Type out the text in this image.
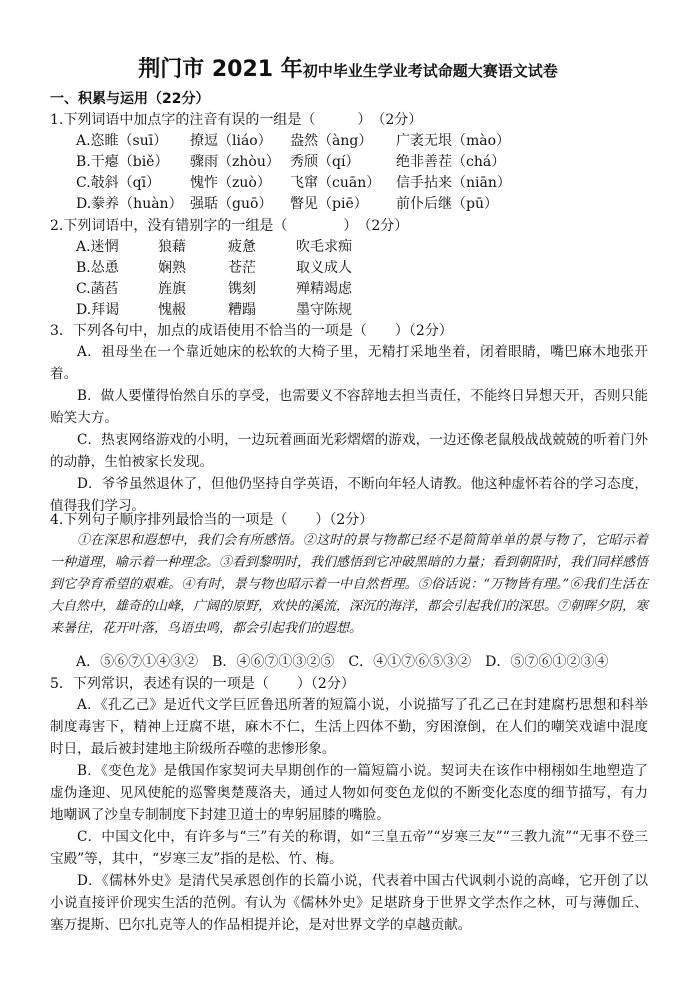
荆门市 2021 年初中毕业生学业考试命题大赛语文试卷
一、积累与运用（22分）
1.下列词语中加点字的注音有误的一组是（　　　）　（2分）
A.恣睢（suī） 撩逗（liáo） 盎然（àng） 广袤无垠（mào）
B.干瘪（biě） 骤雨（zhòu） 秀颀（qí）	绝非善茬（chá）
C.攲斜（qī） 愧怍（zuò） 飞窜（cuān） 信手拈来（niān）
D.豢养（huàn） 强聒（guō） 瞥见（piē） 前仆后继（pū）
2.下列词语中，没有错别字的一组是（　　　　）　（2分）
A.迷惘	狼藉	疲惫	吹毛求痴
B.怂恿	娴熟	苍茫	取义成人
C.菡萏	旌旗	镌刻	殚精竭虑
D.拜谒	愧赧	糟蹋	墨守陈规
3．下列各句中，加点的成语使用不恰当的一项是（　　）（2分）

A．祖母坐在一个靠近她床的松软的大椅子里，无精打采地坐着，闭着眼睛，嘴巴麻木地张开着。

B．做人要懂得怡然自乐的享受，也需要义不容辞地去担当责任，不能终日异想天开，否则只能贻笑大方。

C．热衷网络游戏的小明，一边玩着画面光彩熠熠的游戏，一边还像老鼠般战战兢兢的听着门外的动静，生怕被家长发现。

D．爷爷虽然退休了，但他仍坚持自学英语，不断向年轻人请教。他这种虚怀若谷的学习态度，值得我们学习。

4.下列句子顺序排列最恰当的一项是（　　）（2分）

①在深思和遐想中，我们会有所感悟。②这时的景与物都已经不是简简单单的景与物了，它昭示着一种道理，喻示着一种理念。③看到黎明时，我们感悟到它冲破黑暗的力量；看到朝阳时，我们同样感悟到它孕育希望的艰难。④有时，景与物也昭示着一中自然哲理。⑤俗话说：“万物皆有理。”⑥我们生活在大自然中，雄奇的山峰，广阔的原野，欢快的溪流，深沉的海洋，都会引起我们的深思。⑦朝晖夕阴，寒来暑往，花开叶落，鸟语虫鸣，都会引起我们的遐想。

A．⑤⑥⑦①④③②　B．④⑥⑦①③②⑤　C．④①⑦⑥⑤③②　D．⑤⑦⑥①②③④
5．下列常识，表述有误的一项是（　　）（2分）

A．《孔乙己》是近代文学巨匠鲁迅所著的短篇小说，小说描写了孔乙己在封建腐朽思想和科举制度毒害下，精神上迂腐不堪，麻木不仁，生活上四体不勤，穷困潦倒，在人们的嘲笑戏谑中混度时日，最后被封建地主阶级所吞噬的悲惨形象。

B．《变色龙》是俄国作家契诃夫早期创作的一篇短篇小说。契诃夫在该作中栩栩如生地塑造了虚伪逢迎、见风使舵的巡警奥楚蔑洛夫，通过人物如何变色龙似的不断变化态度的细节描写，有力地嘲讽了沙皇专制制度下封建卫道士的卑躬屈膝的嘴脸。

C．中国文化中，有许多与“三”有关的称谓，如“三皇五帝”“岁寒三友”“三教九流”“无事不登三宝殿”等，其中，“岁寒三友”指的是松、竹、梅。

D．《儒林外史》是清代吴承恩创作的长篇小说，代表着中国古代讽刺小说的高峰，它开创了以小说直接评价现实生活的范例。有认为《儒林外史》足堪跻身于世界文学杰作之林，可与薄伽丘、塞万提斯、巴尔扎克等人的作品相提并论，是对世界文学的卓越贡献。
